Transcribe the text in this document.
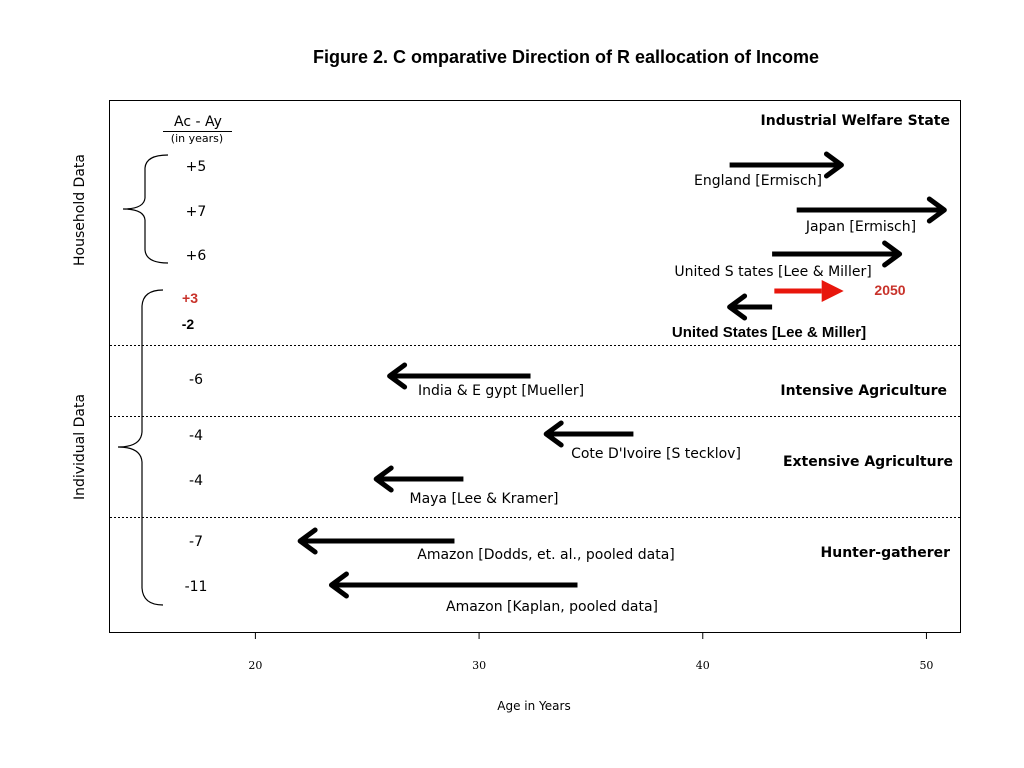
Figure 2. C omparative Direction of R eallocation of Income
20	30	40	50
Age in Years
Ac - Ay
(in years)
Household Data
Individual Data
Industrial Welfare State
Intensive Agriculture
Extensive Agriculture
Hunter-gatherer
+5
+7
+6
+3
-2
-6
-4
-4
-7
-11
England [Ermisch]
Japan [Ermisch]
United S tates [Lee & Miller]
2050
United States [Lee & Miller]
India & E gypt [Mueller]
Cote D'Ivoire [S tecklov]
Maya [Lee & Kramer]
Amazon [Dodds, et. al., pooled data]
Amazon [Kaplan, pooled data]
